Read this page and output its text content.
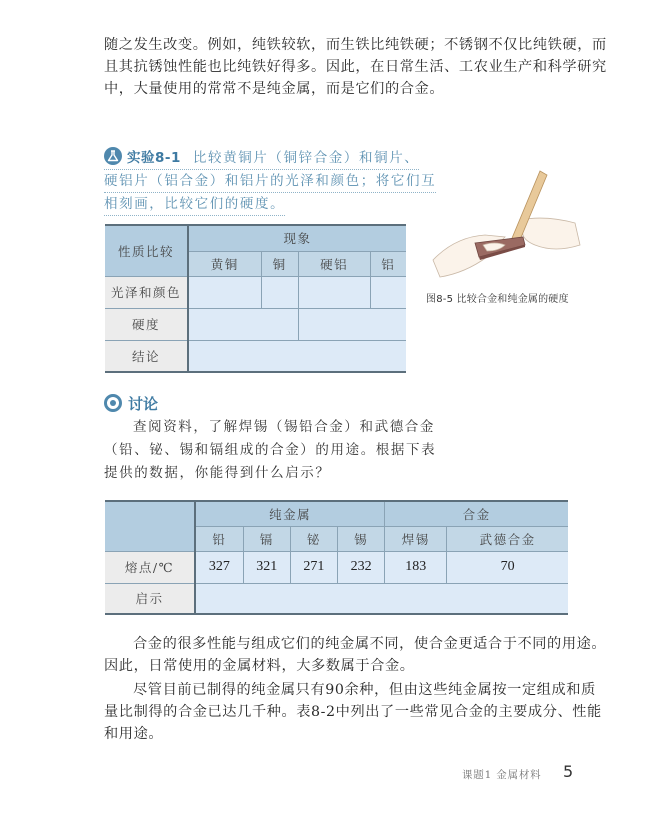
随之发生改变。例如，纯铁较软，而生铁比纯铁硬；不锈钢不仅比纯铁硬，而
且其抗锈蚀性能也比纯铁好得多。因此，在日常生活、工农业生产和科学研究
中，大量使用的常常不是纯金属，而是它们的合金。
实验8-1 比较黄铜片（铜锌合金）和铜片、
硬铝片（铝合金）和铝片的光泽和颜色；将它们互
相刻画，比较它们的硬度。
性质比较	现象			
	黄铜	铜	硬铝	铝
光泽和颜色				
硬度				
结论				
图8-5 比较合金和纯金属的硬度
讨论
查阅资料，了解焊锡（锡铅合金）和武德合金
（铅、铋、锡和镉组成的合金）的用途。根据下表
提供的数据，你能得到什么启示？
	纯金属				合金	
	铅	镉	铋	锡	焊锡	武德合金
熔点/℃	327	321	271	232	183	70
启示						
合金的很多性能与组成它们的纯金属不同，使合金更适合于不同的用途。
因此，日常使用的金属材料，大多数属于合金。
尽管目前已制得的纯金属只有90余种，但由这些纯金属按一定组成和质
量比制得的合金已达几千种。表8-2中列出了一些常见合金的主要成分、性能
和用途。
课题1 金属材料 5
